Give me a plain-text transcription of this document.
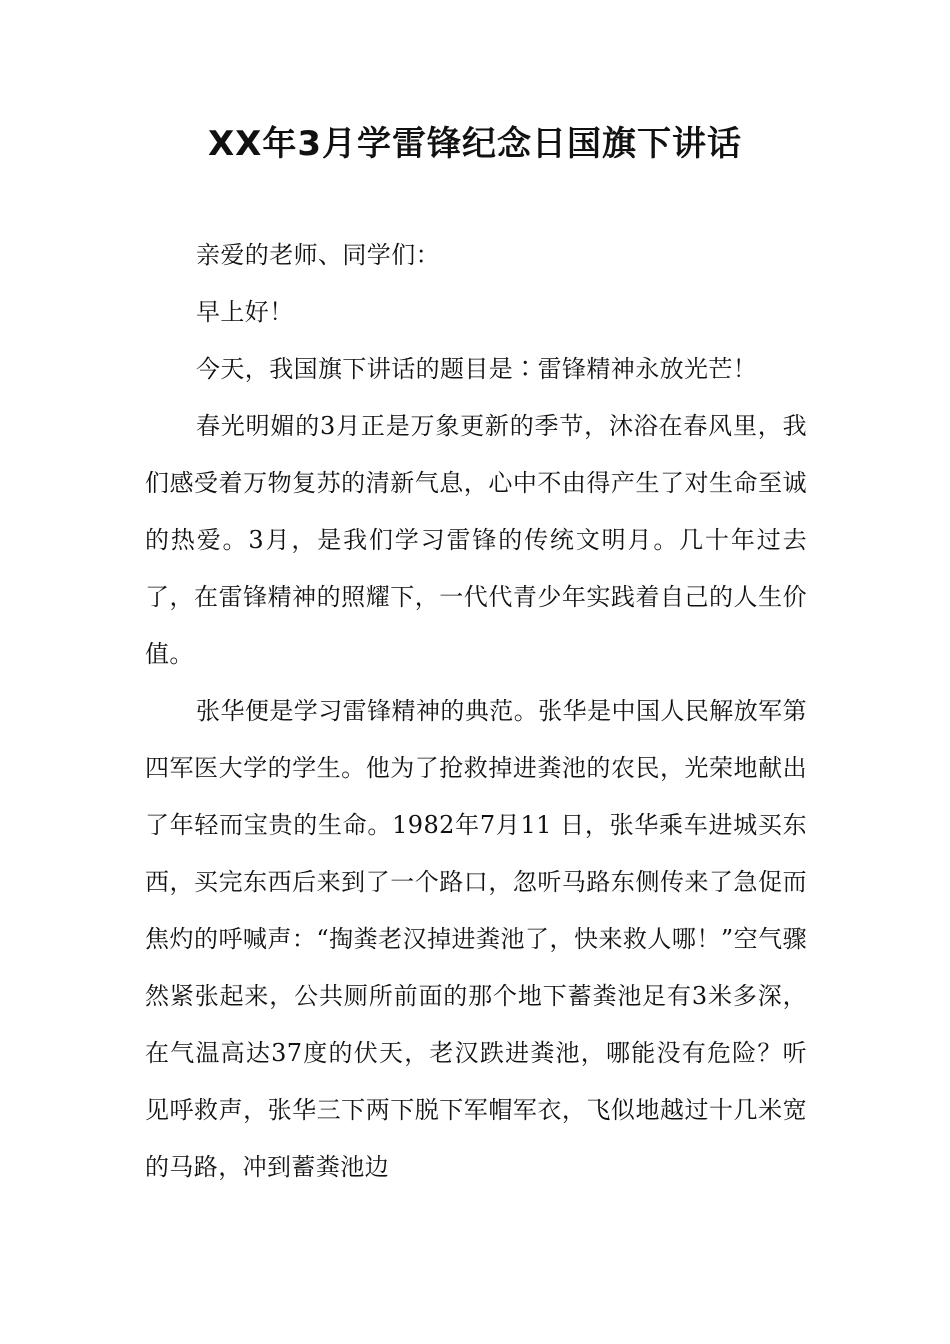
XX年3月学雷锋纪念日国旗下讲话

亲爱的老师、同学们：

早上好！

今天，我国旗下讲话的题目是∶雷锋精神永放光芒！

春光明媚的3月正是万象更新的季节，沐浴在春风里，我们感受着万物复苏的清新气息，心中不由得产生了对生命至诚的热爱。3月，是我们学习雷锋的传统文明月。几十年过去了，在雷锋精神的照耀下，一代代青少年实践着自己的人生价值。

张华便是学习雷锋精神的典范。张华是中国人民解放军第四军医大学的学生。他为了抢救掉进粪池的农民，光荣地献出了年轻而宝贵的生命。1982年7月11 日，张华乘车进城买东西，买完东西后来到了一个路口，忽听马路东侧传来了急促而焦灼的呼喊声：“掏粪老汉掉进粪池了，快来救人哪！”空气骤然紧张起来，公共厕所前面的那个地下蓄粪池足有3米多深，在气温高达37度的伏天，老汉跌进粪池，哪能没有危险？听见呼救声，张华三下两下脱下军帽军衣，飞似地越过十几米宽的马路，冲到蓄粪池边
